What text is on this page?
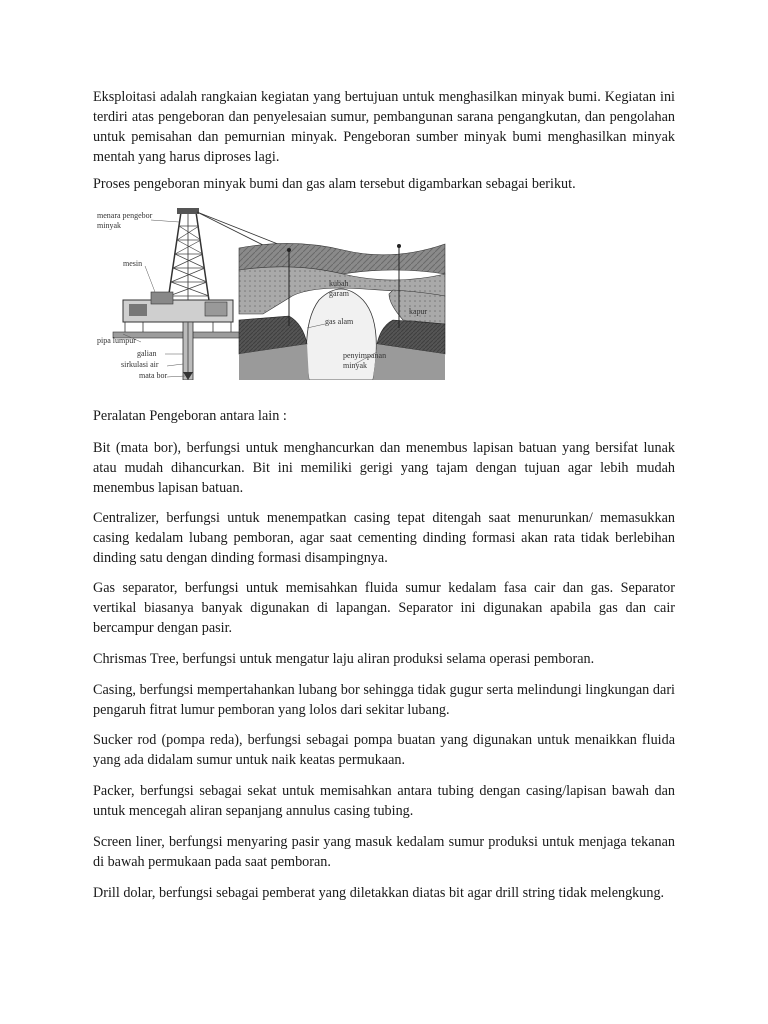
Eksploitasi adalah rangkaian kegiatan yang bertujuan untuk menghasilkan minyak bumi. Kegiatan ini terdiri atas pengeboran dan penyelesaian sumur, pembangunan sarana pengangkutan, dan pengolahan untuk pemisahan dan pemurnian minyak. Pengeboran sumber minyak bumi menghasilkan minyak mentah yang harus diproses lagi.

Proses pengeboran minyak bumi dan gas alam tersebut digambarkan sebagai berikut.

menara pengebor
minyak
mesin
pipa lumpur
galian
sirkulasi air
mata bor
kubah
garam
gas alam
kapur
penyimpanan
minyak

Peralatan Pengeboran antara lain :

Bit (mata bor), berfungsi untuk menghancurkan dan menembus lapisan batuan yang bersifat lunak atau mudah dihancurkan. Bit ini memiliki gerigi yang tajam dengan tujuan agar lebih mudah menembus lapisan batuan.

Centralizer, berfungsi untuk menempatkan casing tepat ditengah saat menurunkan/ memasukkan casing kedalam lubang pemboran, agar saat cementing dinding formasi akan rata tidak berlebihan dinding satu dengan dinding formasi disampingnya.

Gas separator, berfungsi untuk memisahkan fluida sumur kedalam fasa cair dan gas. Separator vertikal biasanya banyak digunakan di lapangan. Separator ini digunakan apabila gas dan cair bercampur dengan pasir.

Chrismas Tree, berfungsi untuk mengatur laju aliran produksi selama operasi pemboran.

Casing, berfungsi mempertahankan lubang bor sehingga tidak gugur serta melindungi lingkungan dari pengaruh fitrat lumur pemboran yang lolos dari sekitar lubang.

Sucker rod (pompa reda), berfungsi sebagai pompa buatan yang digunakan untuk menaikkan fluida yang ada didalam sumur untuk naik keatas permukaan.

Packer, berfungsi sebagai sekat untuk memisahkan antara tubing dengan casing/lapisan bawah dan untuk mencegah aliran sepanjang annulus casing tubing.

Screen liner, berfungsi menyaring pasir yang masuk kedalam sumur produksi untuk menjaga tekanan di bawah permukaan pada saat pemboran.

Drill dolar, berfungsi sebagai pemberat yang diletakkan diatas bit agar drill string tidak melengkung.
